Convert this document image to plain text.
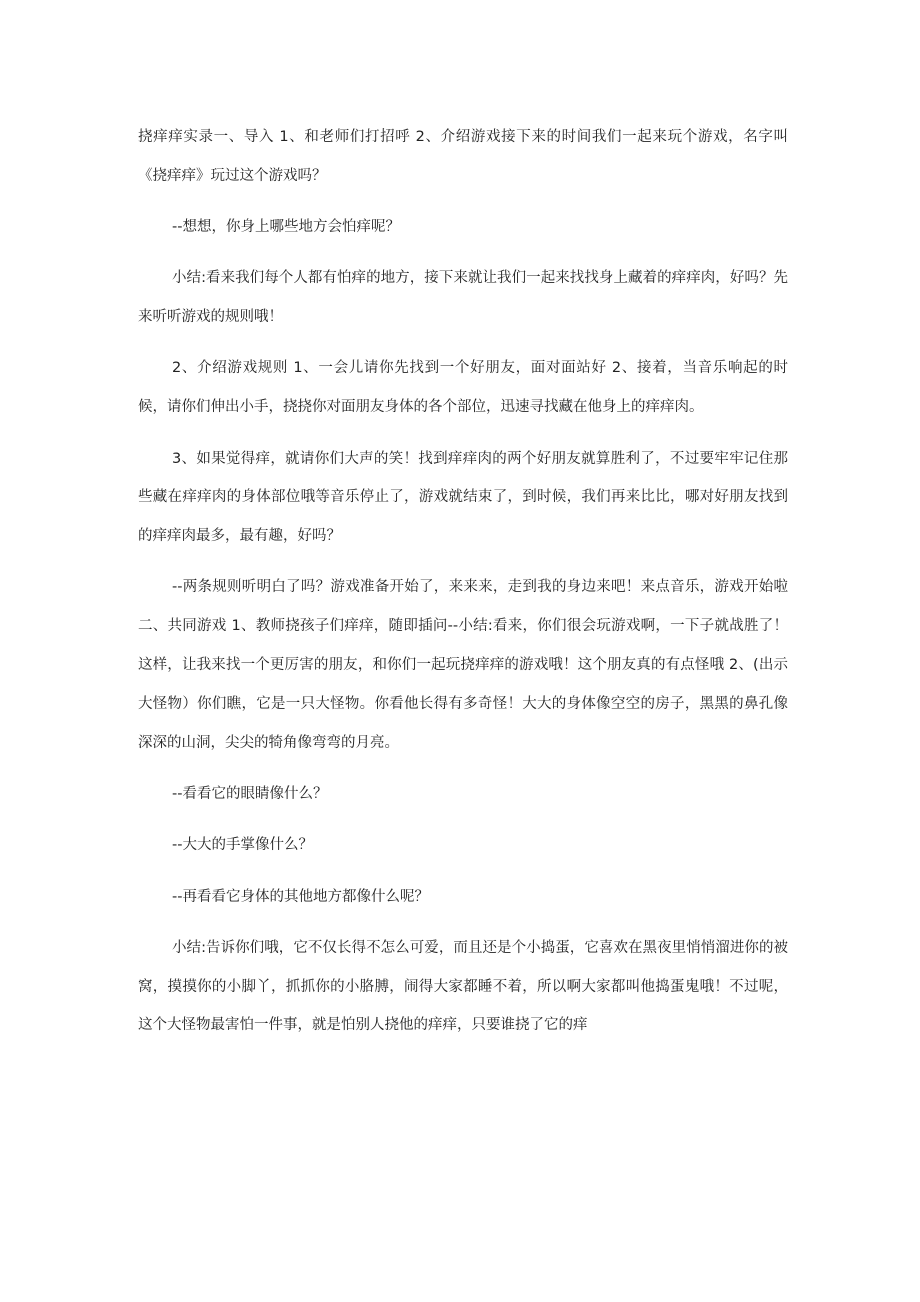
挠痒痒实录一、导入 1、和老师们打招呼 2、介绍游戏接下来的时间我们一起来玩个游戏，名字叫《挠痒痒》玩过这个游戏吗？

--想想，你身上哪些地方会怕痒呢？

小结:看来我们每个人都有怕痒的地方，接下来就让我们一起来找找身上藏着的痒痒肉，好吗？先来听听游戏的规则哦！

2、介绍游戏规则 1、一会儿请你先找到一个好朋友，面对面站好 2、接着，当音乐响起的时候，请你们伸出小手，挠挠你对面朋友身体的各个部位，迅速寻找藏在他身上的痒痒肉。

3、如果觉得痒，就请你们大声的笑！找到痒痒肉的两个好朋友就算胜利了，不过要牢牢记住那些藏在痒痒肉的身体部位哦等音乐停止了，游戏就结束了，到时候，我们再来比比，哪对好朋友找到的痒痒肉最多，最有趣，好吗？

--两条规则听明白了吗？游戏准备开始了，来来来，走到我的身边来吧！来点音乐，游戏开始啦二、共同游戏 1、教师挠孩子们痒痒，随即插问--小结:看来，你们很会玩游戏啊，一下子就战胜了！这样，让我来找一个更厉害的朋友，和你们一起玩挠痒痒的游戏哦！这个朋友真的有点怪哦 2、(出示大怪物）你们瞧，它是一只大怪物。你看他长得有多奇怪！大大的身体像空空的房子，黑黑的鼻孔像深深的山洞，尖尖的犄角像弯弯的月亮。

--看看它的眼睛像什么？

--大大的手掌像什么？

--再看看它身体的其他地方都像什么呢？

小结:告诉你们哦，它不仅长得不怎么可爱，而且还是个小捣蛋，它喜欢在黑夜里悄悄溜进你的被窝，摸摸你的小脚丫，抓抓你的小胳膊，闹得大家都睡不着，所以啊大家都叫他捣蛋鬼哦！不过呢，这个大怪物最害怕一件事，就是怕别人挠他的痒痒，只要谁挠了它的痒
